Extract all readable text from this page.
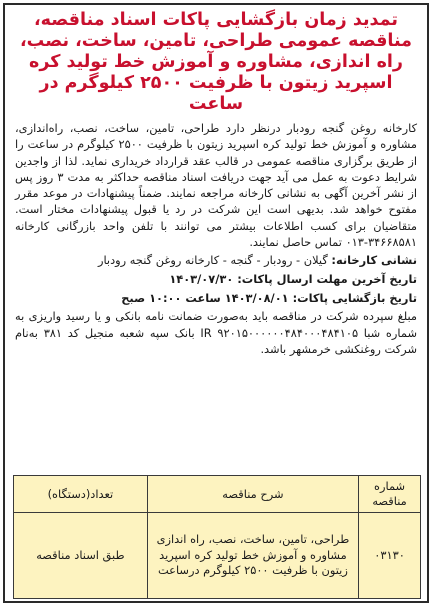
تمدید زمان بازگشایی پاکات اسناد مناقصه، مناقصه عمومی طراحی، تامین، ساخت، نصب، راه اندازی، مشاوره و آموزش خط تولید کره اسپرید زیتون با ظرفیت ۲۵۰۰ کیلوگرم در ساعت

کارخانه روغن گنجه رودبار درنظر دارد طراحی، تامین، ساخت، نصب، راه‌اندازی، مشاوره و آموزش خط تولید کره اسپرید زیتون با ظرفیت ۲۵۰۰ کیلوگرم در ساعت را از طریق برگزاری مناقصه عمومی در قالب عقد قرارداد خریداری نماید. لذا از واجدین شرایط دعوت به عمل می آید جهت دریافت اسناد مناقصه حداکثر به مدت ۳ روز پس از نشر آخرین آگهی به نشانی کارخانه مراجعه نمایند. ضمناً پیشنهادات در موعد مقرر مفتوح خواهد شد. بدیهی است این شرکت در رد یا قبول پیشنهادات مختار است. متقاضیان برای کسب اطلاعات بیشتر می توانند با تلفن واحد بازرگانی کارخانه ۳۴۶۶۸۵۸۱-۰۱۳ تماس حاصل نمایند.

نشانی کارخانه: گیلان - رودبار - گنجه - کارخانه روغن گنجه رودبار

تاریخ آخرین مهلت ارسال پاکات: ۱۴۰۳/۰۷/۳۰

تاریخ بازگشایی پاکات: ۱۴۰۳/۰۸/۰۱ ساعت ۱۰:۰۰ صبح

مبلغ سپرده شرکت در مناقصه باید به‌صورت ضمانت نامه بانکی و یا رسید واریزی به شماره شبا IR ۹۲۰۱۵۰۰۰۰۰۰۴۸۴۰۰۰۴۸۴۱۰۵ بانک سپه شعبه منجیل کد ۳۸۱ به‌نام شرکت روغنکشی خرمشهر باشد.

شماره مناقصه	شرح مناقصه	تعداد(دستگاه)
۰۳۱۳۰	طراحی، تامین، ساخت، نصب، راه اندازی مشاوره و آموزش خط تولید کره اسپرید زیتون با ظرفیت ۲۵۰۰ کیلوگرم درساعت	طبق اسناد مناقصه
